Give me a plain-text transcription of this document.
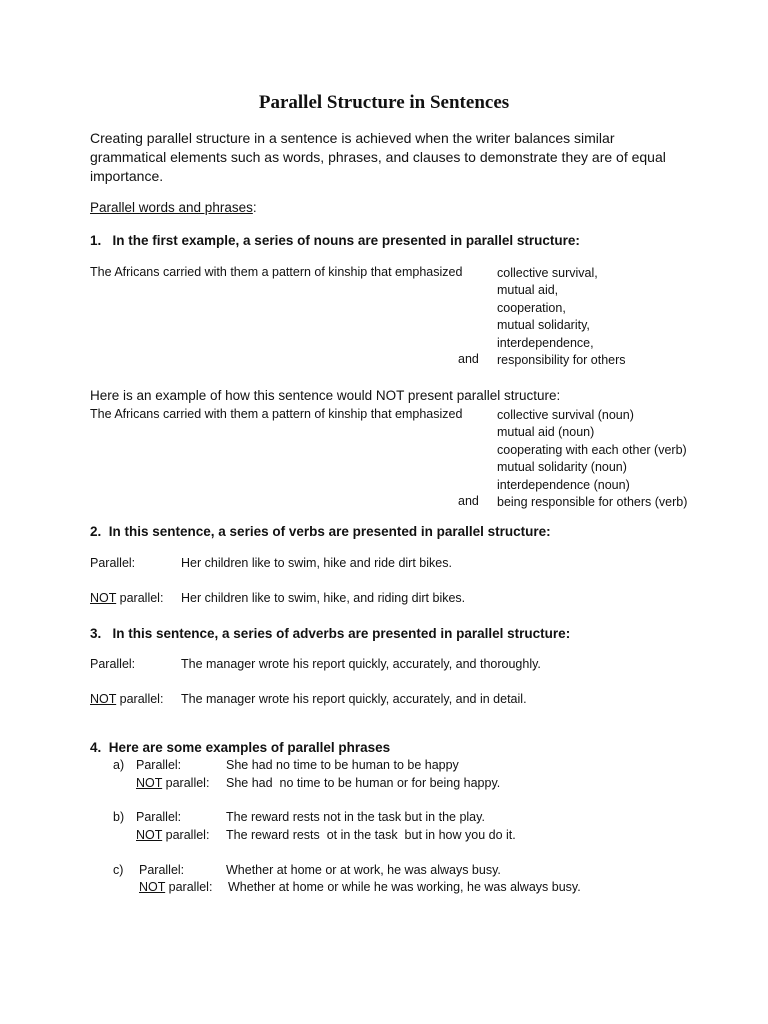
Parallel Structure in Sentences
Creating parallel structure in a sentence is achieved when the writer balances similar grammatical elements such as words, phrases, and clauses to demonstrate they are of equal importance.
Parallel words and phrases:
1.   In the first example, a series of nouns are presented in parallel structure:
The Africans carried with them a pattern of kinship that emphasized	collective survival,
mutual aid,
cooperation,
mutual solidarity,
interdependence,
responsibility for others
and
Here is an example of how this sentence would NOT present parallel structure:
The Africans carried with them a pattern of kinship that emphasized	collective survival (noun)
mutual aid (noun)
cooperating with each other (verb)
mutual solidarity (noun)
interdependence (noun)
being responsible for others (verb)
and
2.  In this sentence, a series of verbs are presented in parallel structure:
Parallel:	Her children like to swim, hike and ride dirt bikes.
NOT parallel: Her children like to swim, hike, and riding dirt bikes.
3.   In this sentence, a series of adverbs are presented in parallel structure:
Parallel:	The manager wrote his report quickly, accurately, and thoroughly.
NOT parallel: The manager wrote his report quickly, accurately, and in detail.
4.  Here are some examples of parallel phrases
a) Parallel:	She had no time to be human to be happy
NOT parallel: She had  no time to be human or for being happy.
b) Parallel:	The reward rests not in the task but in the play.
NOT parallel: The reward rests  ot in the task  but in how you do it.
c) Parallel:	Whether at home or at work, he was always busy.
NOT parallel: Whether at home or while he was working, he was always busy.
